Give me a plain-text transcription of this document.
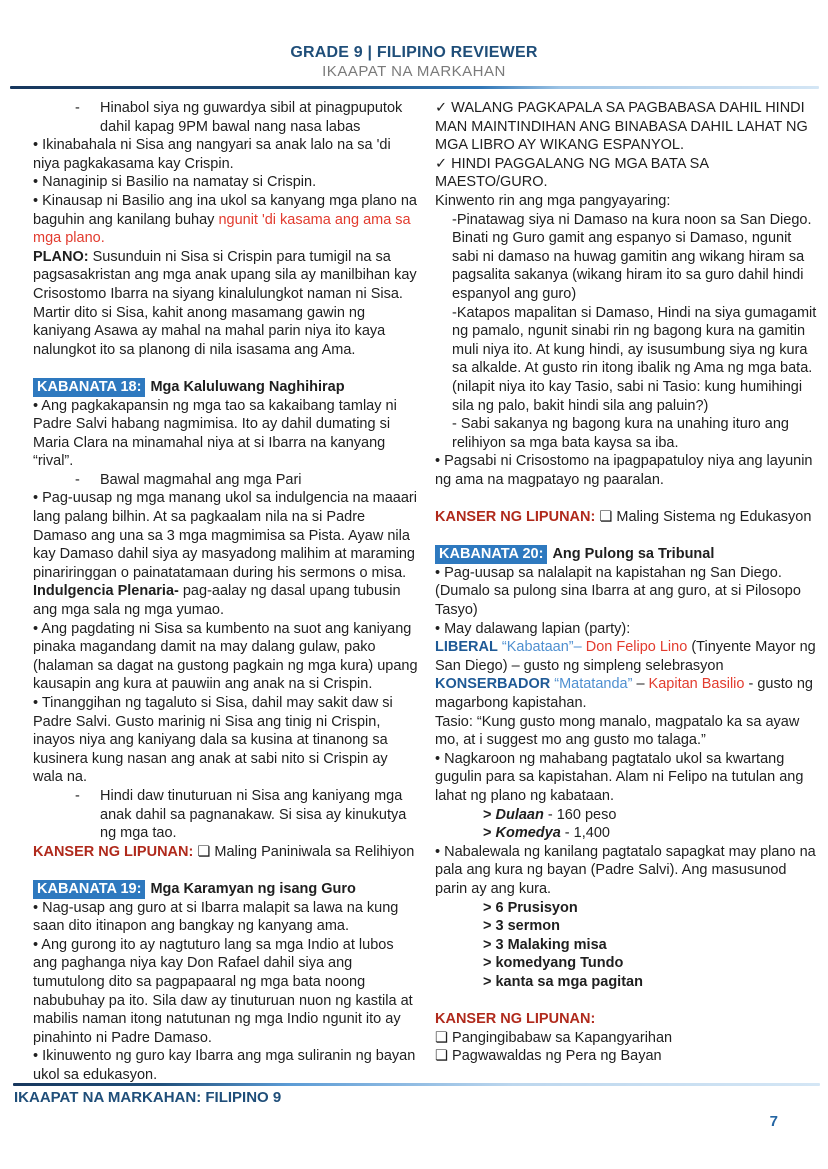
GRADE 9 | FILIPINO REVIEWER
IKAAPAT NA MARKAHAN
-	Hinabol siya ng guwardya sibil at pinagpuputok dahil kapag 9PM bawal nang nasa labas
• Ikinabahala ni Sisa ang nangyari sa anak lalo na sa 'di niya pagkakasama kay Crispin.
• Nanaginip si Basilio na namatay si Crispin.
• Kinausap ni Basilio ang ina ukol sa kanyang mga plano na baguhin ang kanilang buhay ngunit 'di kasama ang ama sa mga plano.
PLANO: Susunduin ni Sisa si Crispin para tumigil na sa pagsasakristan ang mga anak upang sila ay manilbihan kay Crisostomo Ibarra na siyang kinalulungkot naman ni Sisa. Martir dito si Sisa, kahit anong masamang gawin ng kaniyang Asawa ay mahal na mahal parin niya ito kaya nalungkot ito sa planong di nila isasama ang Ama.
KABANATA 18: Mga Kaluluwang Naghihirap
• Ang pagkakapansin ng mga tao sa kakaibang tamlay ni Padre Salvi habang nagmimisa. Ito ay dahil dumating si Maria Clara na minamahal niya at si Ibarra na kanyang “rival”.
-	Bawal magmahal ang mga Pari
• Pag-uusap ng mga manang ukol sa indulgencia na maaari lang palang bilhin. At sa pagkaalam nila na si Padre Damaso ang una sa 3 mga magmimisa sa Pista. Ayaw nila kay Damaso dahil siya ay masyadong malihim at maraming pinariringgan o painatatamaan during his sermons o misa.
Indulgencia Plenaria- pag-aalay ng dasal upang tubusin ang mga sala ng mga yumao.
• Ang pagdating ni Sisa sa kumbento na suot ang kaniyang pinaka magandang damit na may dalang gulaw, pako (halaman sa dagat na gustong pagkain ng mga kura) upang kausapin ang kura at pauwiin ang anak na si Crispin.
• Tinanggihan ng tagaluto si Sisa, dahil may sakit daw si Padre Salvi. Gusto marinig ni Sisa ang tinig ni Crispin, inayos niya ang kaniyang dala sa kusina at tinanong sa kusinera kung nasan ang anak at sabi nito si Crispin ay wala na.
-	Hindi daw tinuturuan ni Sisa ang kaniyang mga anak dahil sa pagnanakaw. Si sisa ay kinukutya ng mga tao.
KANSER NG LIPUNAN: ❏ Maling Paniniwala sa Relihiyon
KABANATA 19: Mga Karamyan ng isang Guro
• Nag-usap ang guro at si Ibarra malapit sa lawa na kung saan dito itinapon ang bangkay ng kanyang ama.
• Ang gurong ito ay nagtuturo lang sa mga Indio at lubos ang paghanga niya kay Don Rafael dahil siya ang tumutulong dito sa pagpapaaral ng mga bata noong nabubuhay pa ito. Sila daw ay tinuturuan nuon ng kastila at mabilis naman itong natutunan ng mga Indio ngunit ito ay pinahinto ni Padre Damaso.
• Ikinuwento ng guro kay Ibarra ang mga suliranin ng bayan ukol sa edukasyon.
✓ WALANG PAGKAPALA SA PAGBABASA DAHIL HINDI MAN MAINTINDIHAN ANG BINABASA DAHIL LAHAT NG MGA LIBRO AY WIKANG ESPANYOL.
✓ HINDI PAGGALANG NG MGA BATA SA MAESTO/GURO.
Kinwento rin ang mga pangyayaring:
-Pinatawag siya ni Damaso na kura noon sa San Diego. Binati ng Guro gamit ang espanyo si Damaso, ngunit sabi ni damaso na huwag gamitin ang wikang hiram sa pagsalita sakanya (wikang hiram ito sa guro dahil hindi espanyol ang guro)
-Katapos mapalitan si Damaso, Hindi na siya gumagamit ng pamalo, ngunit sinabi rin ng bagong kura na gamitin muli niya ito. At kung hindi, ay isusumbung siya ng kura sa alkalde. At gusto rin itong ibalik ng Ama ng mga bata. (nilapit niya ito kay Tasio, sabi ni Tasio: kung humihingi sila ng palo, bakit hindi sila ang paluin?)
- Sabi sakanya ng bagong kura na unahing ituro ang relihiyon sa mga bata kaysa sa iba.
• Pagsabi ni Crisostomo na ipagpapatuloy niya ang layunin ng ama na magpatayo ng paaralan.
KANSER NG LIPUNAN: ❏ Maling Sistema ng Edukasyon
KABANATA 20: Ang Pulong sa Tribunal
• Pag-uusap sa nalalapit na kapistahan ng San Diego. (Dumalo sa pulong sina Ibarra at ang guro, at si Pilosopo Tasyo)
• May dalawang lapian (party):
LIBERAL “Kabataan”– Don Felipo Lino (Tinyente Mayor ng San Diego) – gusto ng simpleng selebrasyon
KONSERBADOR “Matatanda” – Kapitan Basilio - gusto ng magarbong kapistahan.
Tasio: “Kung gusto mong manalo, magpatalo ka sa ayaw mo, at i suggest mo ang gusto mo talaga.”
• Nagkaroon ng mahabang pagtatalo ukol sa kwartang gugulin para sa kapistahan. Alam ni Felipo na tutulan ang lahat ng plano ng kabataan.
> Dulaan - 160 peso
> Komedya - 1,400
• Nabalewala ng kanilang pagtatalo sapagkat may plano na pala ang kura ng bayan (Padre Salvi). Ang masusunod parin ay ang kura.
> 6 Prusisyon
> 3 sermon
> 3 Malaking misa
> komedyang Tundo
> kanta sa mga pagitan
KANSER NG LIPUNAN:
❏ Pangingibabaw sa Kapangyarihan
❏ Pagwawaldas ng Pera ng Bayan
IKAAPAT NA MARKAHAN: FILIPINO 9
7
